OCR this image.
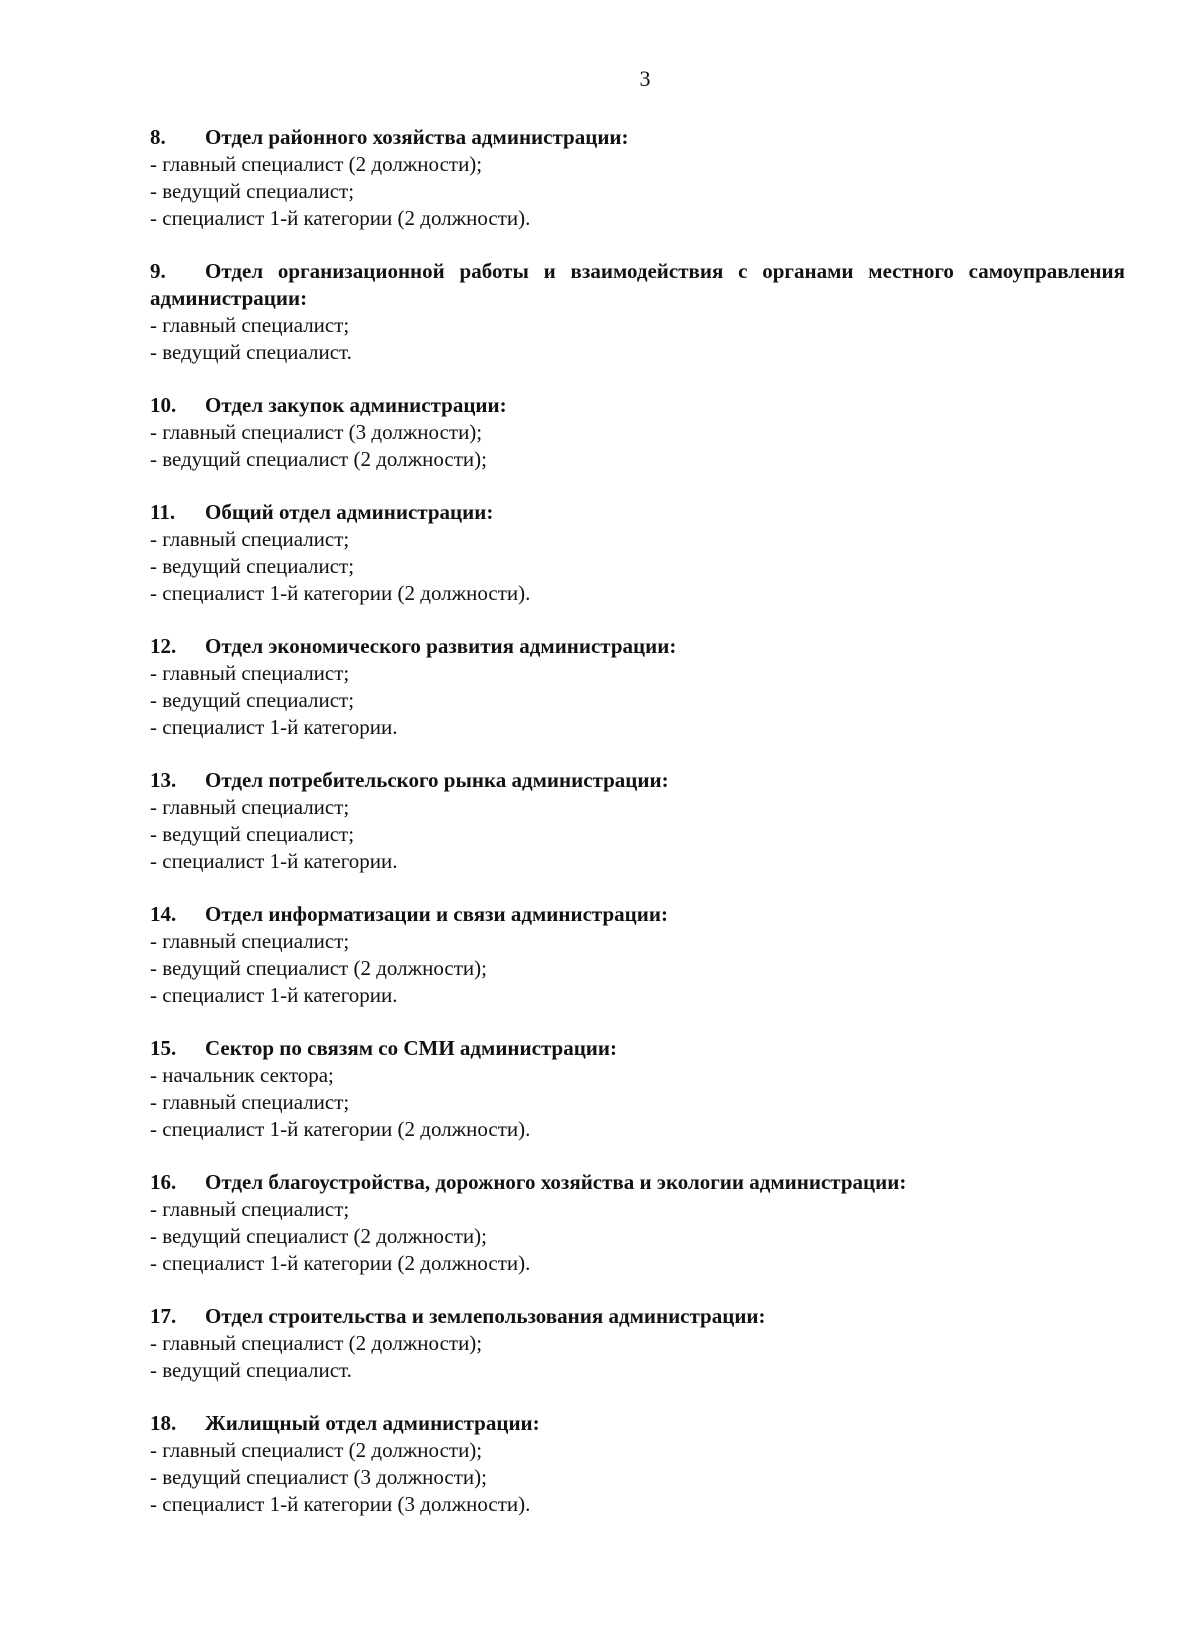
3

8. Отдел районного хозяйства администрации:

- главный специалист (2 должности);

- ведущий специалист;

- специалист 1-й категории (2 должности).

9. Отдел организационной работы и взаимодействия с органами местного самоуправления администрации:

- главный специалист;

- ведущий специалист.

10. Отдел закупок администрации:

- главный специалист (3 должности);

- ведущий специалист (2 должности);

11. Общий отдел администрации:

- главный специалист;

- ведущий специалист;

- специалист 1-й категории (2 должности).

12. Отдел экономического развития администрации:

- главный специалист;

- ведущий специалист;

- специалист 1-й категории.

13. Отдел потребительского рынка администрации:

- главный специалист;

- ведущий специалист;

- специалист 1-й категории.

14. Отдел информатизации и связи администрации:

- главный специалист;

- ведущий специалист (2 должности);

- специалист 1-й категории.

15. Сектор по связям со СМИ администрации:

- начальник сектора;

- главный специалист;

- специалист 1-й категории (2 должности).

16. Отдел благоустройства, дорожного хозяйства и экологии администрации:

- главный специалист;

- ведущий специалист (2 должности);

- специалист 1-й категории (2 должности).

17. Отдел строительства и землепользования администрации:

- главный специалист (2 должности);

- ведущий специалист.

18. Жилищный отдел администрации:

- главный специалист (2 должности);

- ведущий специалист (3 должности);

- специалист 1-й категории (3 должности).
